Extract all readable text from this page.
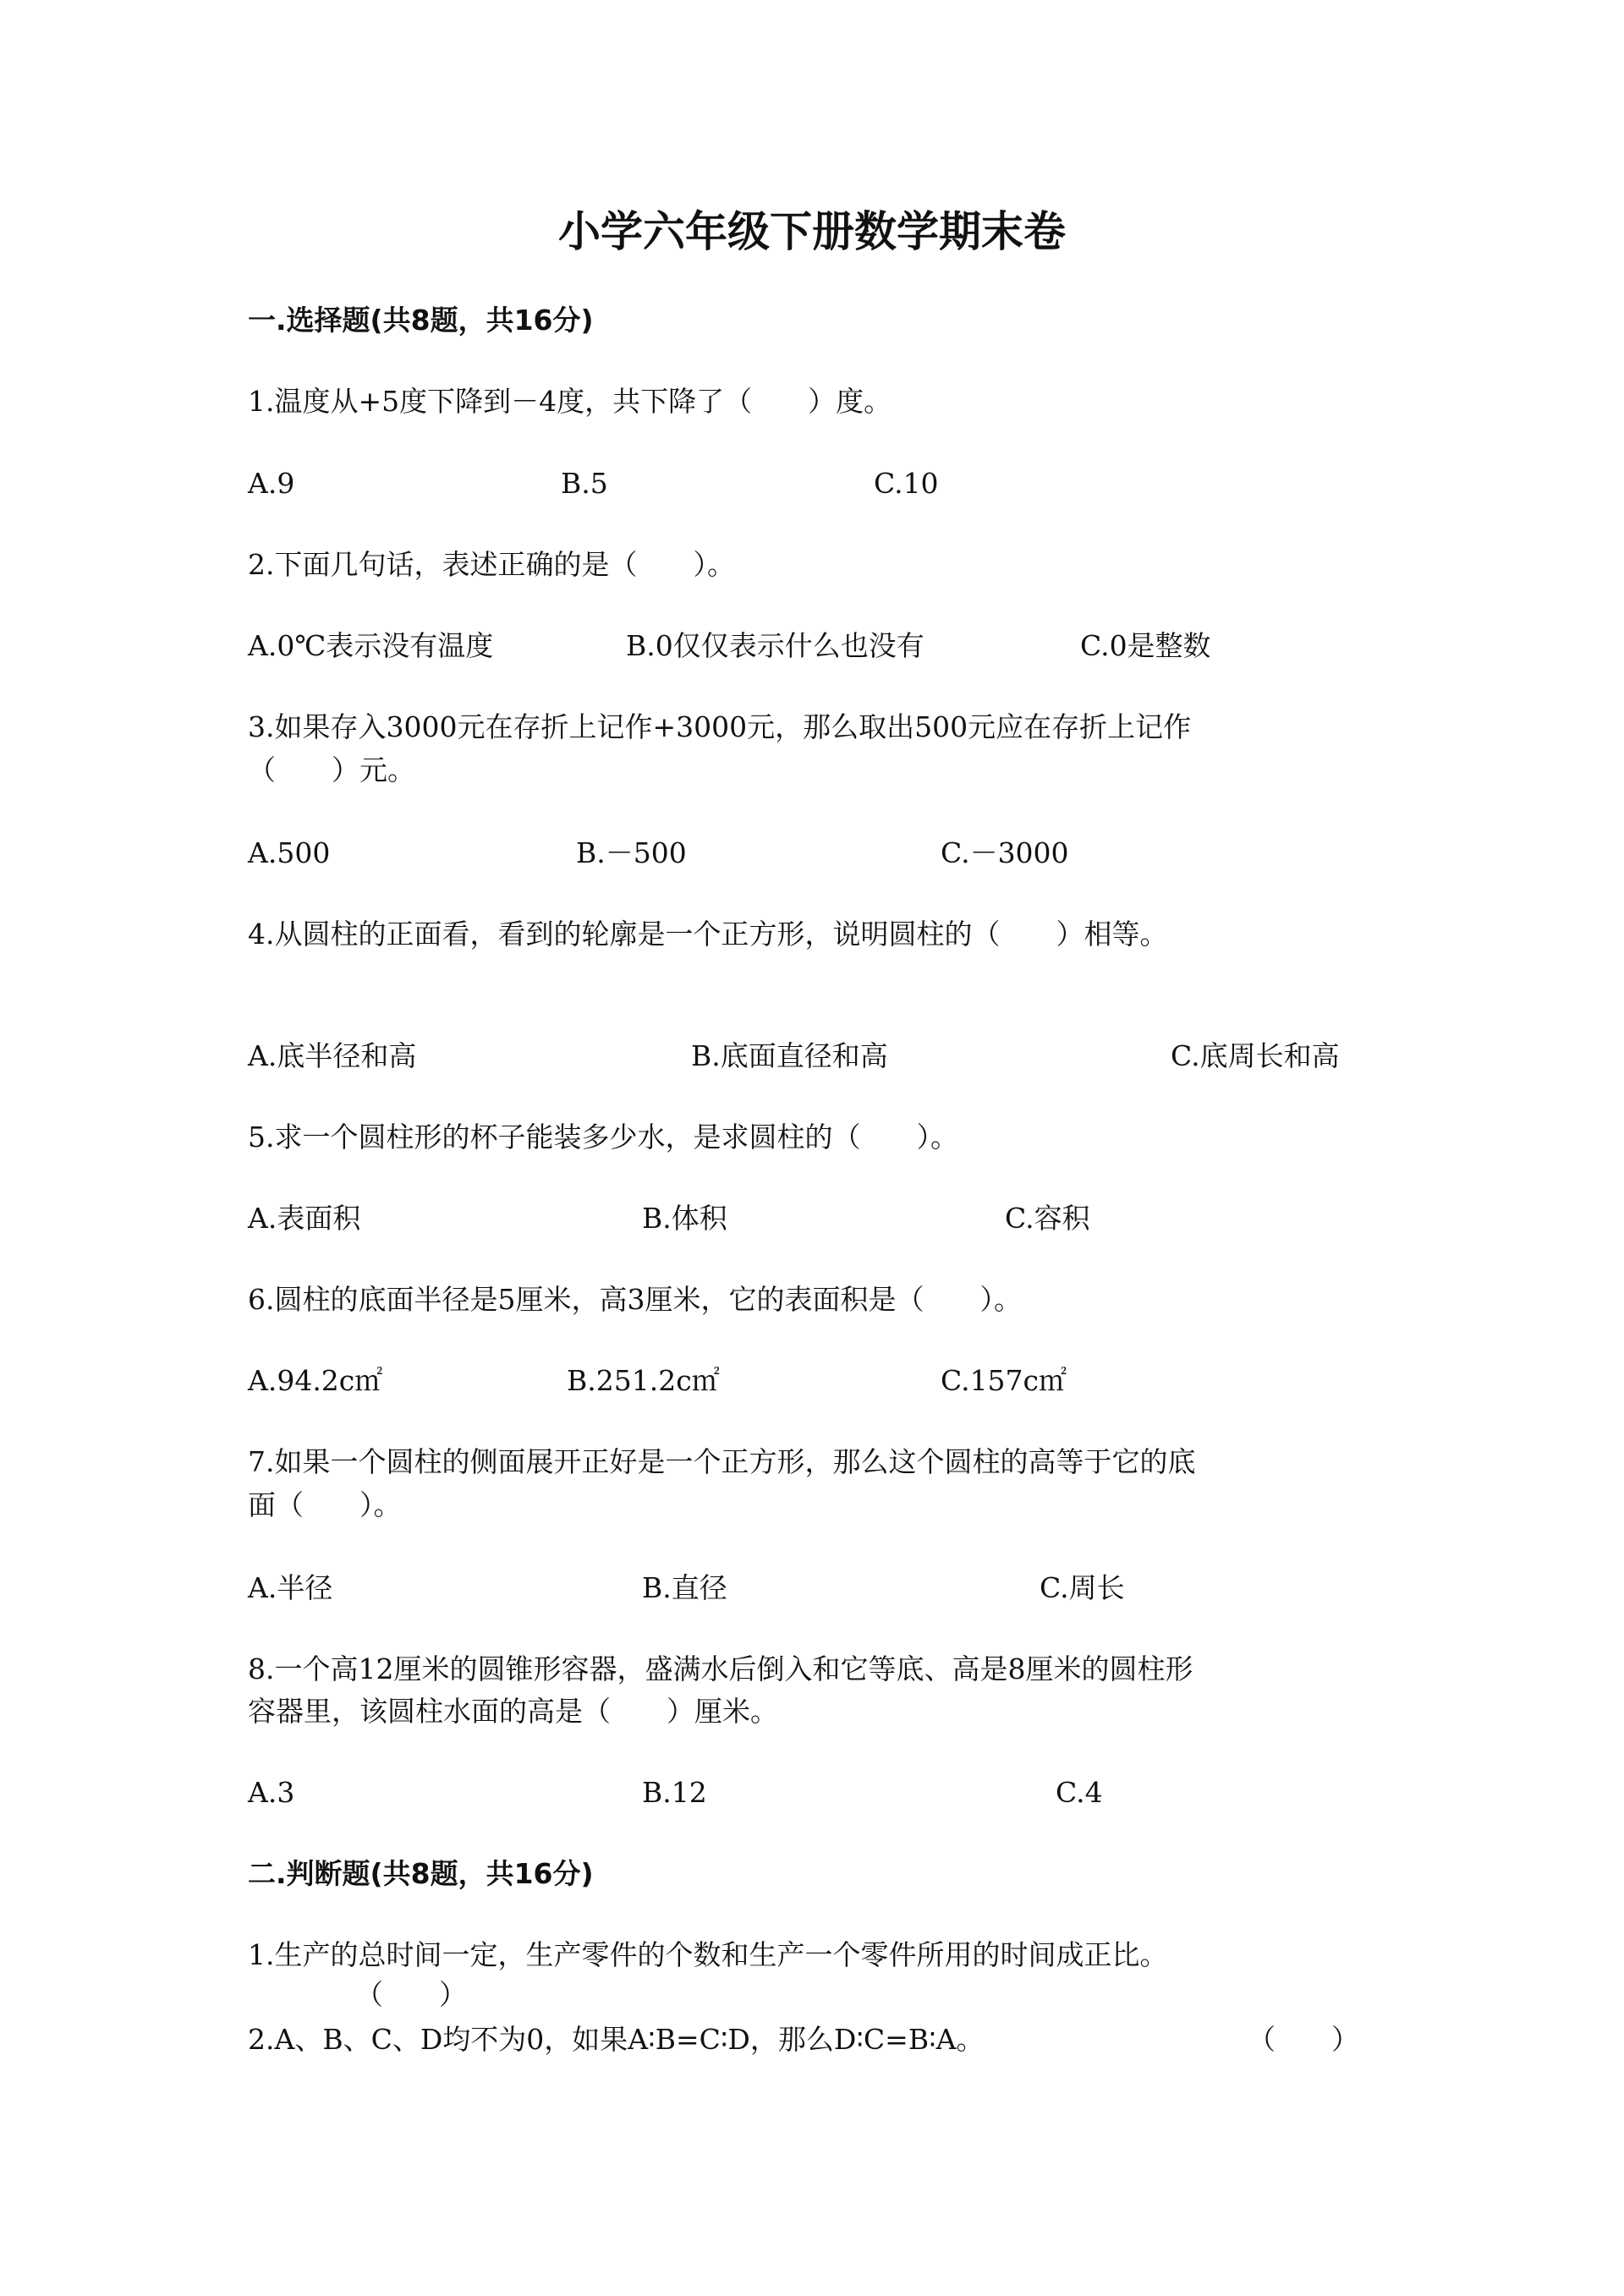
小学六年级下册数学期末卷
一.选择题(共8题，共16分)
1.温度从+5度下降到－4度，共下降了（　　）度。
A.9	B.5	C.10
2.下面几句话，表述正确的是（　　）。
A.0℃表示没有温度	B.0仅仅表示什么也没有	C.0是整数
3.如果存入3000元在存折上记作+3000元，那么取出500元应在存折上记作
（　　）元。
A.500	B.－500	C.－3000
4.从圆柱的正面看，看到的轮廓是一个正方形，说明圆柱的（　　）相等。
A.底半径和高	B.底面直径和高	C.底周长和高
5.求一个圆柱形的杯子能装多少水，是求圆柱的（　　）。
A.表面积	B.体积	C.容积
6.圆柱的底面半径是5厘米，高3厘米，它的表面积是（　　）。
A.94.2c㎡	B.251.2c㎡	C.157c㎡
7.如果一个圆柱的侧面展开正好是一个正方形，那么这个圆柱的高等于它的底
面（　　）。
A.半径	B.直径	C.周长
8.一个高12厘米的圆锥形容器，盛满水后倒入和它等底、高是8厘米的圆柱形
容器里，该圆柱水面的高是（　　）厘米。
A.3	B.12	C.4
二.判断题(共8题，共16分)
1.生产的总时间一定，生产零件的个数和生产一个零件所用的时间成正比。
（　　）
2.A、B、C、D均不为0，如果A∶B=C∶D，那么D∶C=B∶A。	（　　）
